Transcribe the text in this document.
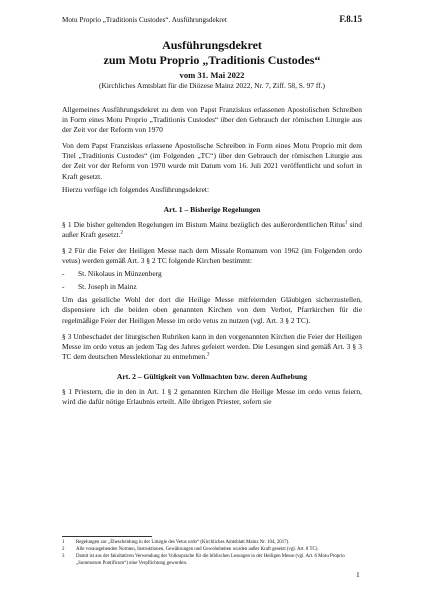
Motu Proprio „Traditionis Custodes“. Ausführungsdekret	F.8.15
Ausführungsdekret
zum Motu Proprio „Traditionis Custodes“
vom 31. Mai 2022
(Kirchliches Amtsblatt für die Diözese Mainz 2022, Nr. 7, Ziff. 58, S. 97 ff.)

Allgemeines Ausführungsdekret zu dem von Papst Franziskus erlassenen Apostolischen Schreiben in Form eines Motu Proprio „Traditionis Custodes“ über den Gebrauch der römischen Liturgie aus der Zeit vor der Reform von 1970

Von dem Papst Franziskus erlassene Apostolische Schreiben in Form eines Motu Proprio mit dem Titel „Traditionis Custodes“ (im Folgenden „TC“) über den Gebrauch der römischen Liturgie aus der Zeit vor der Reform von 1970 wurde mit Datum vom 16. Juli 2021 veröffentlicht und sofort in Kraft gesetzt.

Hierzu verfüge ich folgendes Ausführungsdekret:

Art. 1 – Bisherige Regelungen

§ 1 Die bisher geltenden Regelungen im Bistum Mainz bezüglich des außerordentlichen Ritus$^1$ sind außer Kraft gesetzt.$^2$

§ 2 Für die Feier der Heiligen Messe nach dem Missale Romanum von 1962 (im Folgenden ordo vetus) werden gemäß Art. 3 § 2 TC folgende Kirchen bestimmt:

-	St. Nikolaus in Münzenberg
-	St. Joseph in Mainz

Um das geistliche Wohl der dort die Heilige Messe mitfeiernden Gläubigen sicherzustellen, dispensiere ich die beiden oben genannten Kirchen von dem Verbot, Pfarrkirchen für die regelmäßige Feier der Heiligen Messe im ordo vetus zu nutzen (vgl. Art. 3 § 2 TC).

§ 3 Unbeschadet der liturgischen Rubriken kann in den vorgenannten Kirchen die Feier der Heiligen Messe im ordo vetus an jedem Tag des Jahres gefeiert werden. Die Lesungen sind gemäß Art. 3 § 3 TC dem deutschen Messlektionar zu entnehmen.$^3$

Art. 2 – Gültigkeit von Vollmachten bzw. deren Aufhebung

§ 1 Priestern, die in den in Art. 1 § 2 genannten Kirchen die Heilige Messe im ordo vetus feiern, wird die dafür nötige Erlaubnis erteilt. Alle übrigen Priester, sofern sie

1	Regelungen zur „Ehescheidung in der Liturgie des Vetus ordo“ (Kirchliches Amtsblatt Mainz Nr. 104, 2017).
2	Alle vorausgehenden Normen, Instruktionen, Gewährungen und Gewohnheiten wurden außer Kraft gesetzt (vgl. Art. 8 TC).
3	Damit ist aus der fakultativen Verwendung der Volkssprache für die biblischen Lesungen in der Heiligen Messe (vgl. Art. 6 Motu Proprio „Summorum Pontificum“) eine Verpflichtung geworden.
1
